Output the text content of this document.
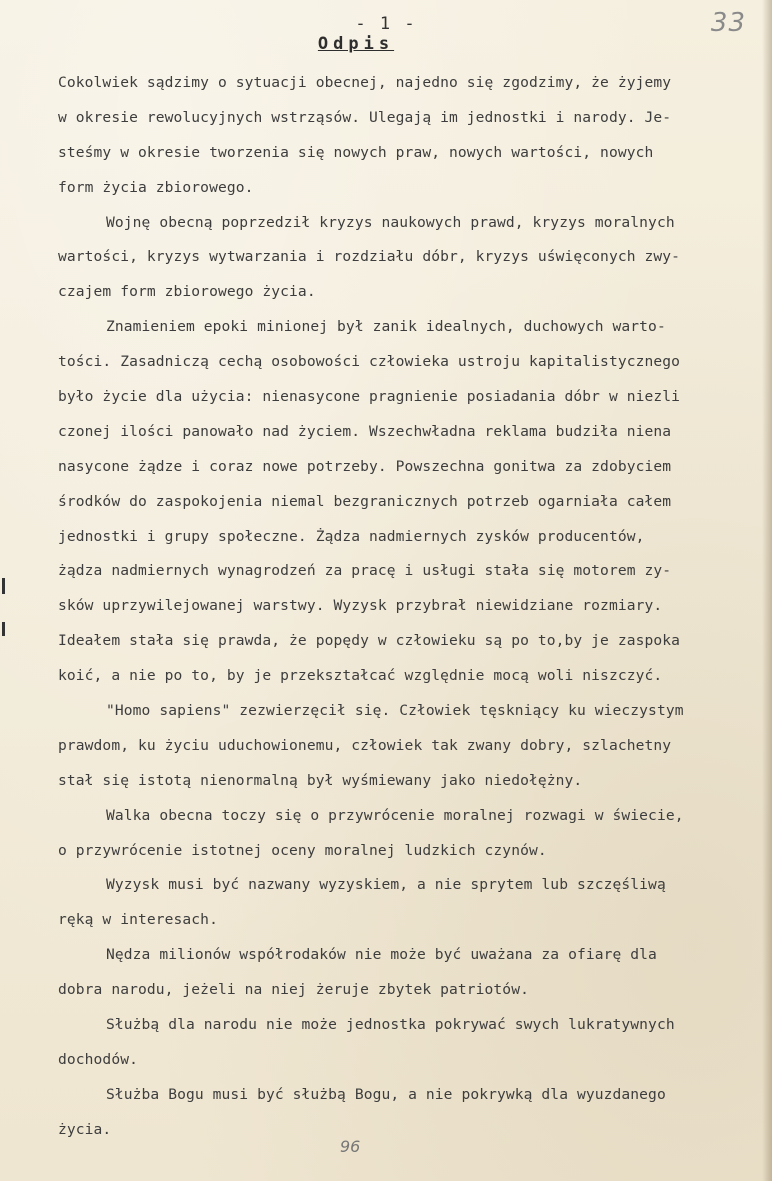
33
- 1 -
Odpis
Cokolwiek sądzimy o sytuacji obecnej, najedno się zgodzimy, że żyjemy
w okresie rewolucyjnych wstrząsów. Ulegają im jednostki i narody. Je-
steśmy w okresie tworzenia się nowych praw, nowych wartości, nowych
form życia zbiorowego.
Wojnę obecną poprzedził kryzys naukowych prawd, kryzys moralnych
wartości, kryzys wytwarzania i rozdziału dóbr, kryzys uświęconych zwy-
czajem form zbiorowego życia.
Znamieniem epoki minionej był zanik idealnych, duchowych warto-
tości. Zasadniczą cechą osobowości człowieka ustroju kapitalistycznego
było życie dla użycia: nienasycone pragnienie posiadania dóbr w niezli
czonej ilości panowało nad życiem. Wszechwładna reklama budziła niena
nasycone żądze i coraz nowe potrzeby. Powszechna gonitwa za zdobyciem
środków do zaspokojenia niemal bezgranicznych potrzeb ogarniała całem
jednostki i grupy społeczne. Żądza nadmiernych zysków producentów,
żądza nadmiernych wynagrodzeń za pracę i usługi stała się motorem zy-
sków uprzywilejowanej warstwy. Wyzysk przybrał niewidziane rozmiary.
Ideałem stała się prawda, że popędy w człowieku są po to,by je zaspoka
koić, a nie po to, by je przekształcać względnie mocą woli niszczyć.
"Homo sapiens" zezwierzęcił się. Człowiek tęskniący ku wieczystym
prawdom, ku życiu uduchowionemu, człowiek tak zwany dobry, szlachetny
stał się istotą nienormalną był wyśmiewany jako niedołężny.
Walka obecna toczy się o przywrócenie moralnej rozwagi w świecie,
o przywrócenie istotnej oceny moralnej ludzkich czynów.
Wyzysk musi być nazwany wyzyskiem, a nie sprytem lub szczęśliwą
ręką w interesach.
Nędza milionów współrodaków nie może być uważana za ofiarę dla
dobra narodu, jeżeli na niej żeruje zbytek patriotów.
Służbą dla narodu nie może jednostka pokrywać swych lukratywnych
dochodów.
Służba Bogu musi być służbą Bogu, a nie pokrywką dla wyuzdanego
życia.
96
